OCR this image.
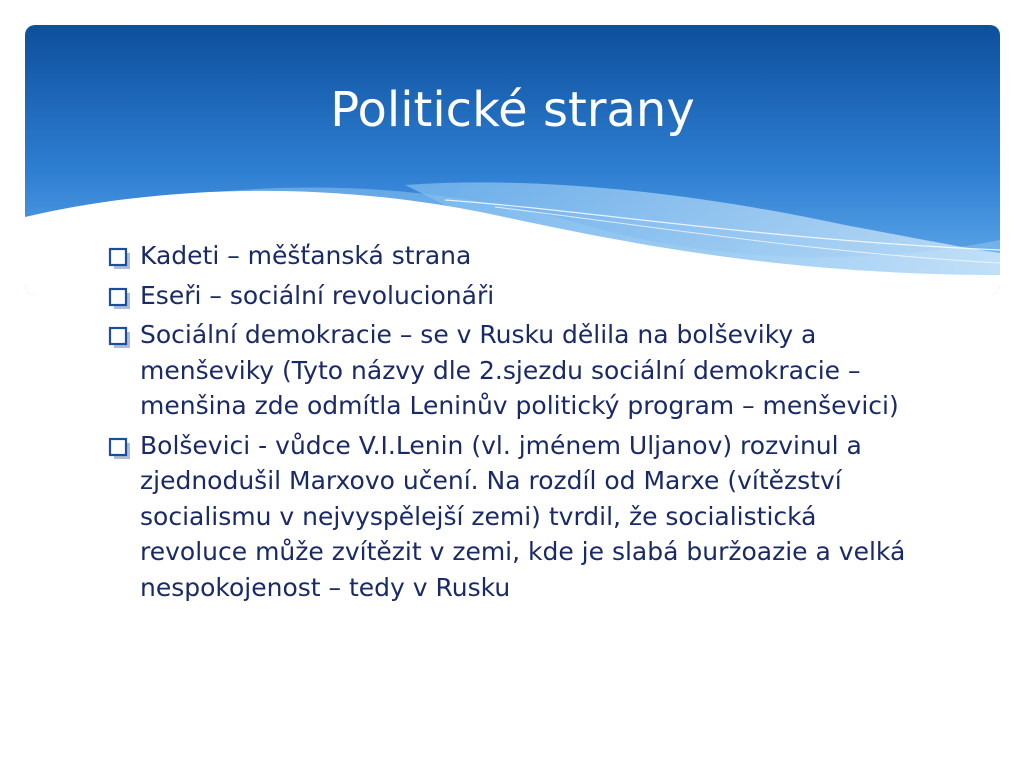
Politické strany
Kadeti – měšťanská strana
Eseři – sociální revolucionáři
Sociální demokracie – se v Rusku dělila na bolševiky a menševiky (Tyto názvy dle 2.sjezdu sociální demokracie – menšina zde odmítla Leninův politický program – menševici)
Bolševici - vůdce V.I.Lenin (vl. jménem Uljanov) rozvinul a zjednodušil Marxovo učení. Na rozdíl od Marxe (vítězství socialismu v nejvyspělejší zemi) tvrdil, že socialistická revoluce může zvítězit v zemi, kde je slabá buržoazie a velká nespokojenost – tedy v Rusku
